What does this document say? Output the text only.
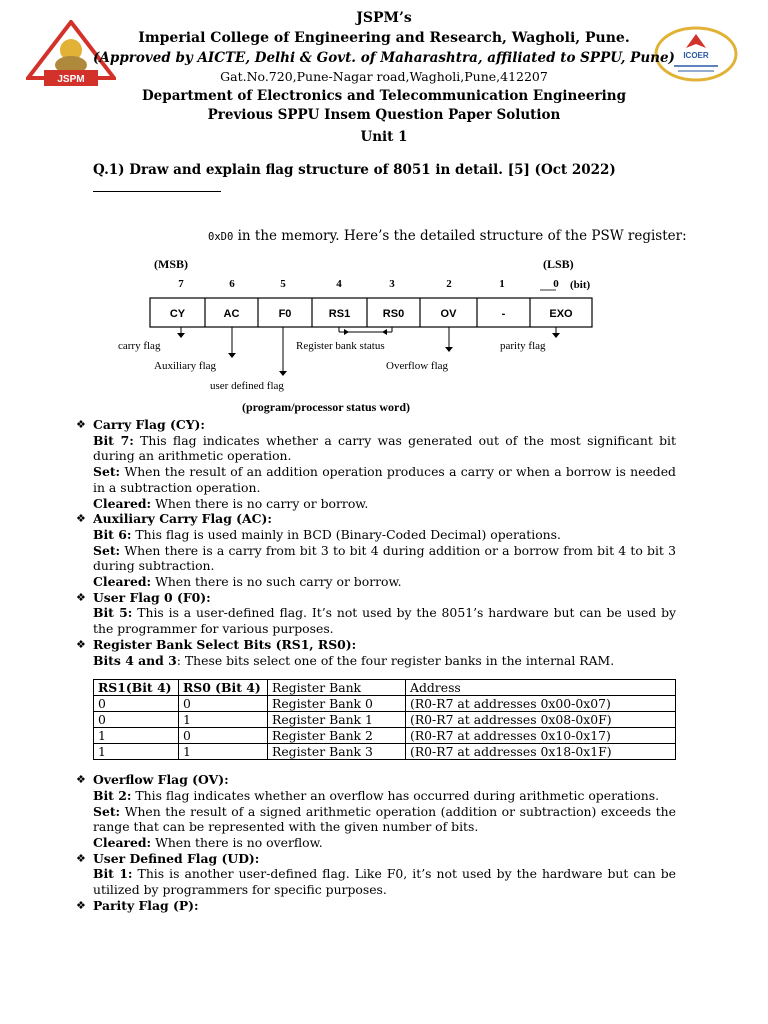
JSPM
ICOER
JSPM’s
Imperial College of Engineering and Research, Wagholi, Pune.
(Approved by AICTE, Delhi & Govt. of Maharashtra, affiliated to SPPU, Pune)
Gat.No.720,Pune-Nagar road,Wagholi,Pune,412207
Department of Electronics and Telecommunication Engineering
Previous SPPU Insem Question Paper Solution
Unit 1
Q.1) Draw and explain flag structure of 8051 in detail. [5] (Oct 2022)
0xD0 in the memory. Here’s the detailed structure of the PSW register:
(MSB)	(LSB)
7	6	5	4	3	2	1	0 (bit)
CY	AC	F0	RS1	RS0	OV	-	EXO
carry flag
Auxiliary flag
user defined flag
Register bank status
Overflow flag
parity flag
(program/processor status word)
❖ Carry Flag (CY):
Bit 7: This flag indicates whether a carry was generated out of the most significant bit during an arithmetic operation.
Set: When the result of an addition operation produces a carry or when a borrow is needed in a subtraction operation.
Cleared: When there is no carry or borrow.
❖ Auxiliary Carry Flag (AC):
Bit 6: This flag is used mainly in BCD (Binary-Coded Decimal) operations.
Set: When there is a carry from bit 3 to bit 4 during addition or a borrow from bit 4 to bit 3 during subtraction.
Cleared: When there is no such carry or borrow.
❖ User Flag 0 (F0):
Bit 5: This is a user-defined flag. It’s not used by the 8051’s hardware but can be used by the programmer for various purposes.
❖ Register Bank Select Bits (RS1, RS0):
Bits 4 and 3: These bits select one of the four register banks in the internal RAM.
RS1(Bit 4)	RS0 (Bit 4)	Register Bank	Address
0	0	Register Bank 0	(R0-R7 at addresses 0x00-0x07)
0	1	Register Bank 1	(R0-R7 at addresses 0x08-0x0F)
1	0	Register Bank 2	(R0-R7 at addresses 0x10-0x17)
1	1	Register Bank 3	(R0-R7 at addresses 0x18-0x1F)
❖ Overflow Flag (OV):
Bit 2: This flag indicates whether an overflow has occurred during arithmetic operations.
Set: When the result of a signed arithmetic operation (addition or subtraction) exceeds the range that can be represented with the given number of bits.
Cleared: When there is no overflow.
❖ User Defined Flag (UD):
Bit 1: This is another user-defined flag. Like F0, it’s not used by the hardware but can be utilized by programmers for specific purposes.
❖ Parity Flag (P):
